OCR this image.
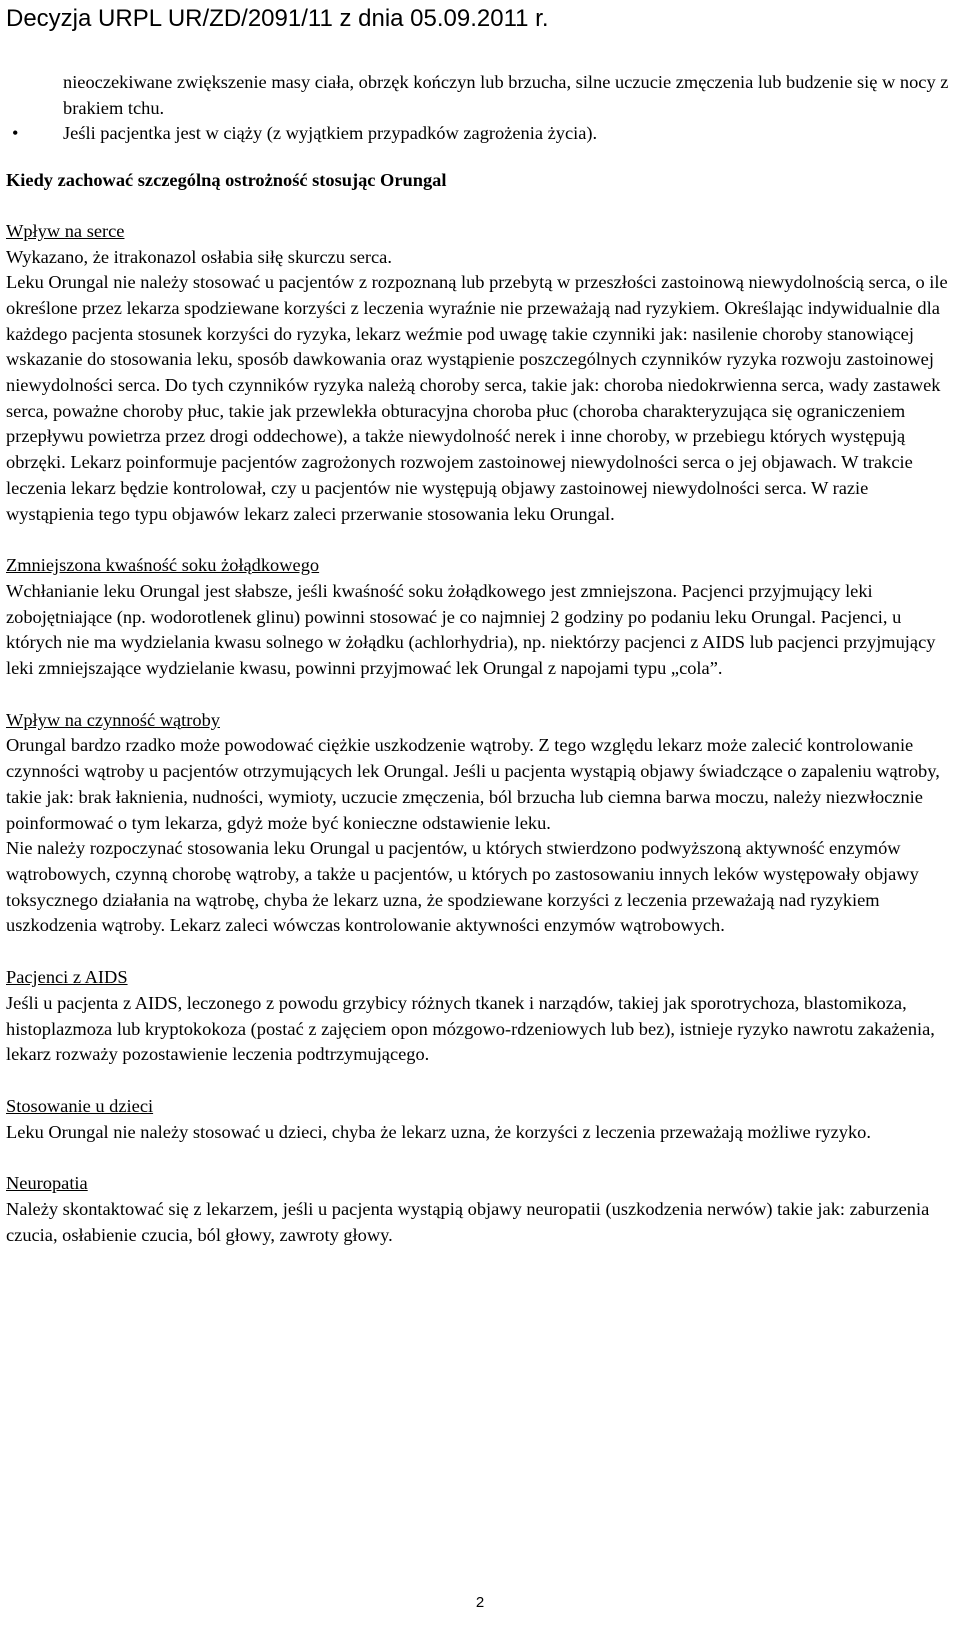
Decyzja URPL UR/ZD/2091/11 z dnia 05.09.2011 r.

nieoczekiwane zwiększenie masy ciała, obrzęk kończyn lub brzucha, silne uczucie zmęczenia lub budzenie się w nocy z brakiem tchu.

• Jeśli pacjentka jest w ciąży (z wyjątkiem przypadków zagrożenia życia).

Kiedy zachować szczególną ostrożność stosując Orungal

Wpływ na serce

Wykazano, że itrakonazol osłabia siłę skurczu serca.

Leku Orungal nie należy stosować u pacjentów z rozpoznaną lub przebytą w przeszłości zastoinową niewydolnością serca, o ile określone przez lekarza spodziewane korzyści z leczenia wyraźnie nie przeważają nad ryzykiem. Określając indywidualnie dla każdego pacjenta stosunek korzyści do ryzyka, lekarz weźmie pod uwagę takie czynniki jak: nasilenie choroby stanowiącej wskazanie do stosowania leku, sposób dawkowania oraz wystąpienie poszczególnych czynników ryzyka rozwoju zastoinowej niewydolności serca. Do tych czynników ryzyka należą choroby serca, takie jak: choroba niedokrwienna serca, wady zastawek serca, poważne choroby płuc, takie jak przewlekła obturacyjna choroba płuc (choroba charakteryzująca się ograniczeniem przepływu powietrza przez drogi oddechowe), a także niewydolność nerek i inne choroby, w przebiegu których występują obrzęki. Lekarz poinformuje pacjentów zagrożonych rozwojem zastoinowej niewydolności serca o jej objawach. W trakcie leczenia lekarz będzie kontrolował, czy u pacjentów nie występują objawy zastoinowej niewydolności serca. W razie wystąpienia tego typu objawów lekarz zaleci przerwanie stosowania leku Orungal.

Zmniejszona kwaśność soku żołądkowego

Wchłanianie leku Orungal jest słabsze, jeśli kwaśność soku żołądkowego jest zmniejszona. Pacjenci przyjmujący leki zobojętniające (np. wodorotlenek glinu) powinni stosować je co najmniej 2 godziny po podaniu leku Orungal. Pacjenci, u których nie ma wydzielania kwasu solnego w żołądku (achlorhydria), np. niektórzy pacjenci z AIDS lub pacjenci przyjmujący leki zmniejszające wydzielanie kwasu, powinni przyjmować lek Orungal z napojami typu „cola”.

Wpływ na czynność wątroby

Orungal bardzo rzadko może powodować ciężkie uszkodzenie wątroby. Z tego względu lekarz może zalecić kontrolowanie czynności wątroby u pacjentów otrzymujących lek Orungal. Jeśli u pacjenta wystąpią objawy świadczące o zapaleniu wątroby, takie jak: brak łaknienia, nudności, wymioty, uczucie zmęczenia, ból brzucha lub ciemna barwa moczu, należy niezwłocznie poinformować o tym lekarza, gdyż może być konieczne odstawienie leku.

Nie należy rozpoczynać stosowania leku Orungal u pacjentów, u których stwierdzono podwyższoną aktywność enzymów wątrobowych, czynną chorobę wątroby, a także u pacjentów, u których po zastosowaniu innych leków występowały objawy toksycznego działania na wątrobę, chyba że lekarz uzna, że spodziewane korzyści z leczenia przeważają nad ryzykiem uszkodzenia wątroby. Lekarz zaleci wówczas kontrolowanie aktywności enzymów wątrobowych.

Pacjenci z AIDS

Jeśli u pacjenta z AIDS, leczonego z powodu grzybicy różnych tkanek i narządów, takiej jak sporotrychoza, blastomikoza, histoplazmoza lub kryptokokoza (postać z zajęciem opon mózgowo-rdzeniowych lub bez), istnieje ryzyko nawrotu zakażenia, lekarz rozważy pozostawienie leczenia podtrzymującego.

Stosowanie u dzieci

Leku Orungal nie należy stosować u dzieci, chyba że lekarz uzna, że korzyści z leczenia przeważają możliwe ryzyko.

Neuropatia

Należy skontaktować się z lekarzem, jeśli u pacjenta wystąpią objawy neuropatii (uszkodzenia nerwów) takie jak: zaburzenia czucia, osłabienie czucia, ból głowy, zawroty głowy.

2
